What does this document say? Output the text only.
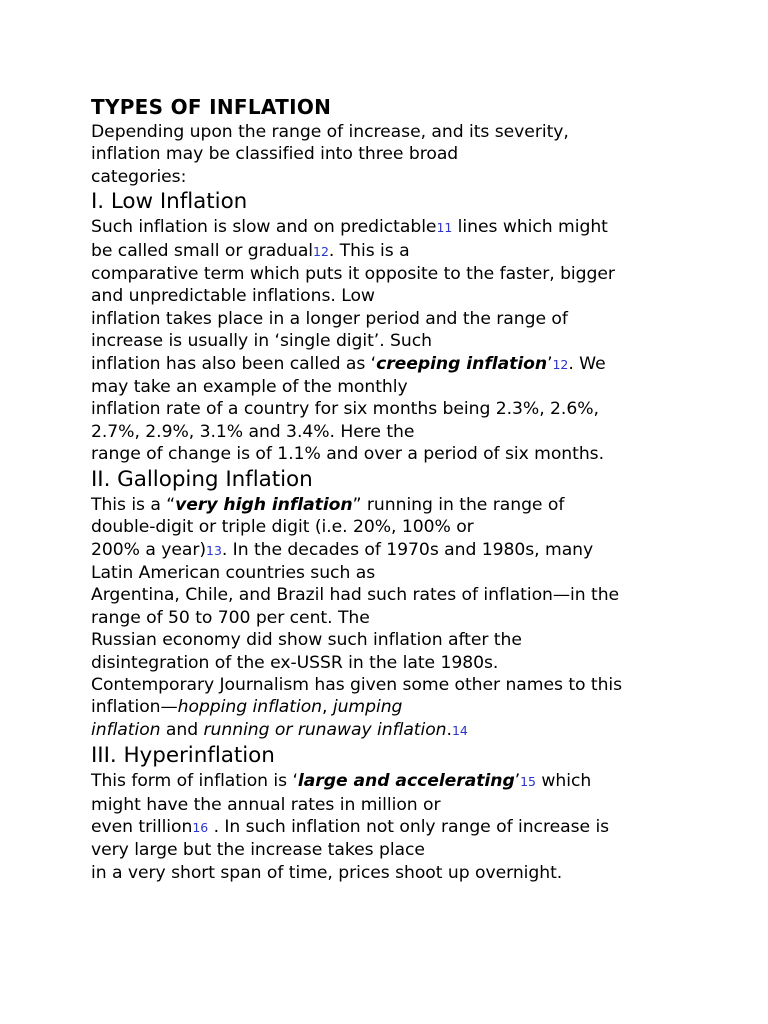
TYPES OF INFLATION
Depending upon the range of increase, and its severity,
inflation may be classified into three broad
categories:
I. Low Inflation
Such inflation is slow and on predictable11 lines which might
be called small or gradual12. This is a
comparative term which puts it opposite to the faster, bigger
and unpredictable inflations. Low
inflation takes place in a longer period and the range of
increase is usually in ‘single digit’. Such
inflation has also been called as ‘creeping inflation’12. We
may take an example of the monthly
inflation rate of a country for six months being 2.3%, 2.6%,
2.7%, 2.9%, 3.1% and 3.4%. Here the
range of change is of 1.1% and over a period of six months.
II. Galloping Inflation
This is a “very high inflation” running in the range of
double-digit or triple digit (i.e. 20%, 100% or
200% a year)13. In the decades of 1970s and 1980s, many
Latin American countries such as
Argentina, Chile, and Brazil had such rates of inflation—in the
range of 50 to 700 per cent. The
Russian economy did show such inflation after the
disintegration of the ex-USSR in the late 1980s.
Contemporary Journalism has given some other names to this
inflation—hopping inflation, jumping
inflation and running or runaway inflation.14
III. Hyperinflation
This form of inflation is ‘large and accelerating’15 which
might have the annual rates in million or
even trillion16 . In such inflation not only range of increase is
very large but the increase takes place
in a very short span of time, prices shoot up overnight.
